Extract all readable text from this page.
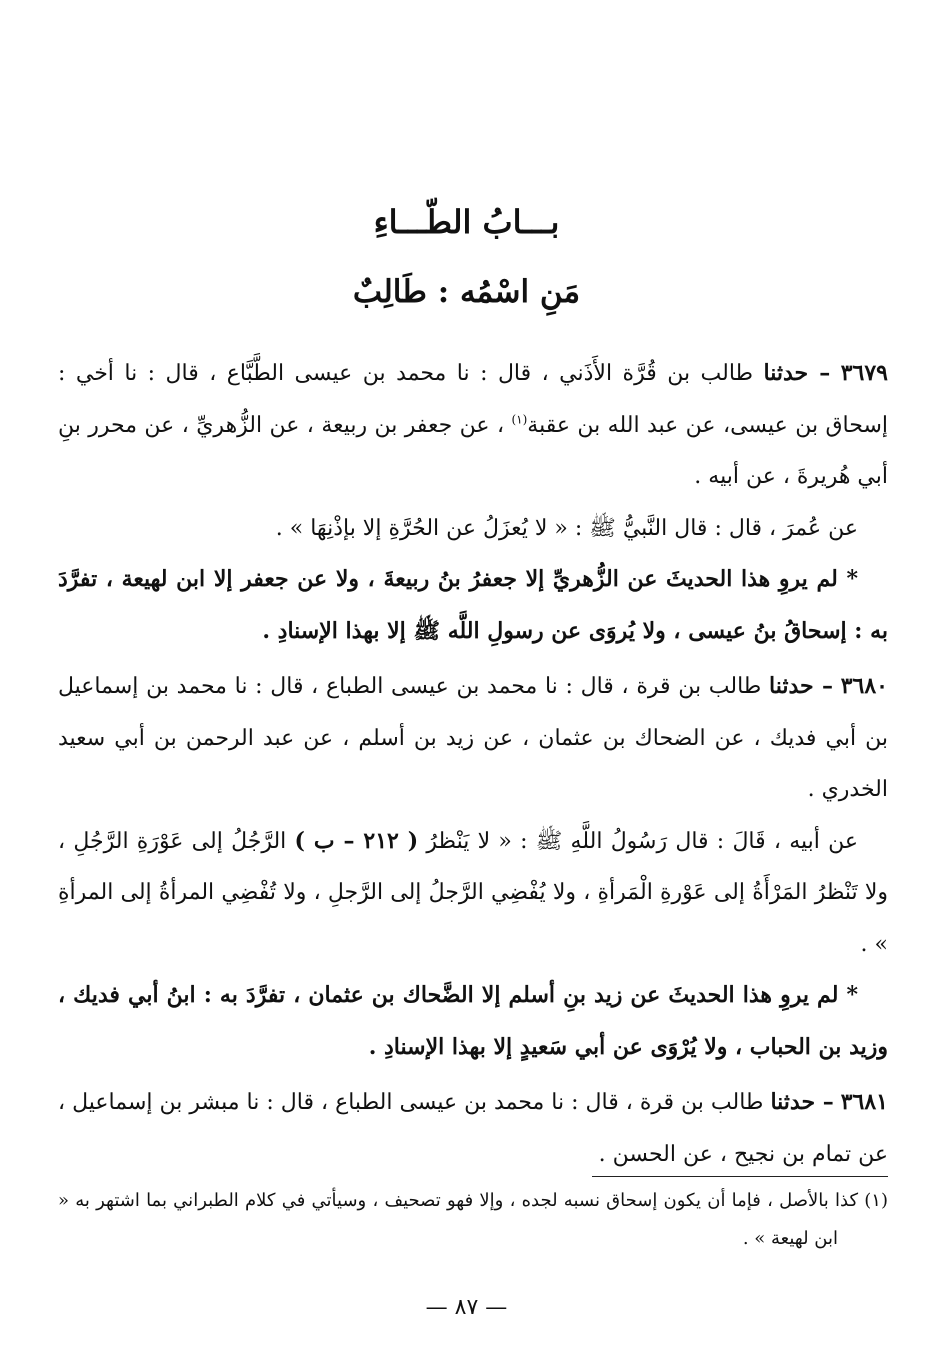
بـــابُ الطّـــاءِ
مَنِ اسْمُه : طَالِبٌ

٣٦٧٩ – حدثنا طالب بن قُرَّة الأَذَني ، قال : نا محمد بن عيسى الطَّبَّاع ، قال : نا أخي : إسحاق بن عيسى، عن عبد الله بن عقبة$^{(١)}$ ، عن جعفر بن ربيعة ، عن الزُّهريِّ ، عن محرر بنِ أبي هُريرةَ ، عن أبيه .

عن عُمرَ ، قال : قال النَّبيُّ ﷺ : « لا يُعزَلُ عن الحُرَّةِ إلا بإذْنِهَا » .

* لم يروِ هذا الحديثَ عن الزُّهريِّ إلا جعفرُ بنُ ربيعةَ ، ولا عن جعفر إلا ابن لهيعة ، تفرَّدَ به : إسحاقُ بنُ عيسى ، ولا يُروَى عن رسولِ اللَّه ﷺ إلا بهذا الإسنادِ .

٣٦٨٠ – حدثنا طالب بن قرة ، قال : نا محمد بن عيسى الطباع ، قال : نا محمد بن إسماعيل بن أبي فديك ، عن الضحاك بن عثمان ، عن زيد بن أسلم ، عن عبد الرحمن بن أبي سعيد الخدري .

عن أبيه ، قَالَ : قال رَسُولُ اللَّهِ ﷺ : « لا يَنْظرُ ( ٢١٢ – ب ) الرَّجُلُ إلى عَوْرَةِ الرَّجُلِ ، ولا تَنْظرُ المَرْأَةُ إلى عَوْرةِ الْمَرأةِ ، ولا يُفْضِي الرَّجلُ إلى الرَّجلِ ، ولا تُفْضِي المرأةُ إلى المرأةِ » .

* لم يروِ هذا الحديثَ عن زيد بنِ أسلم إلا الضَّحاك بن عثمان ، تفرَّدَ به : ابنُ أبي فديك ، وزيد بن الحباب ، ولا يُرْوَى عن أبي سَعيدٍ إلا بهذا الإسنادِ .

٣٦٨١ – حدثنا طالب بن قرة ، قال : نا محمد بن عيسى الطباع ، قال : نا مبشر بن إسماعيل ، عن تمام بن نجيح ، عن الحسن .

(١) كذا بالأصل ، فإما أن يكون إسحاق نسبه لجده ، وإلا فهو تصحيف ، وسيأتي في كلام الطبراني بما اشتهر به « ابن لهيعة » .

— ٨٧ —
